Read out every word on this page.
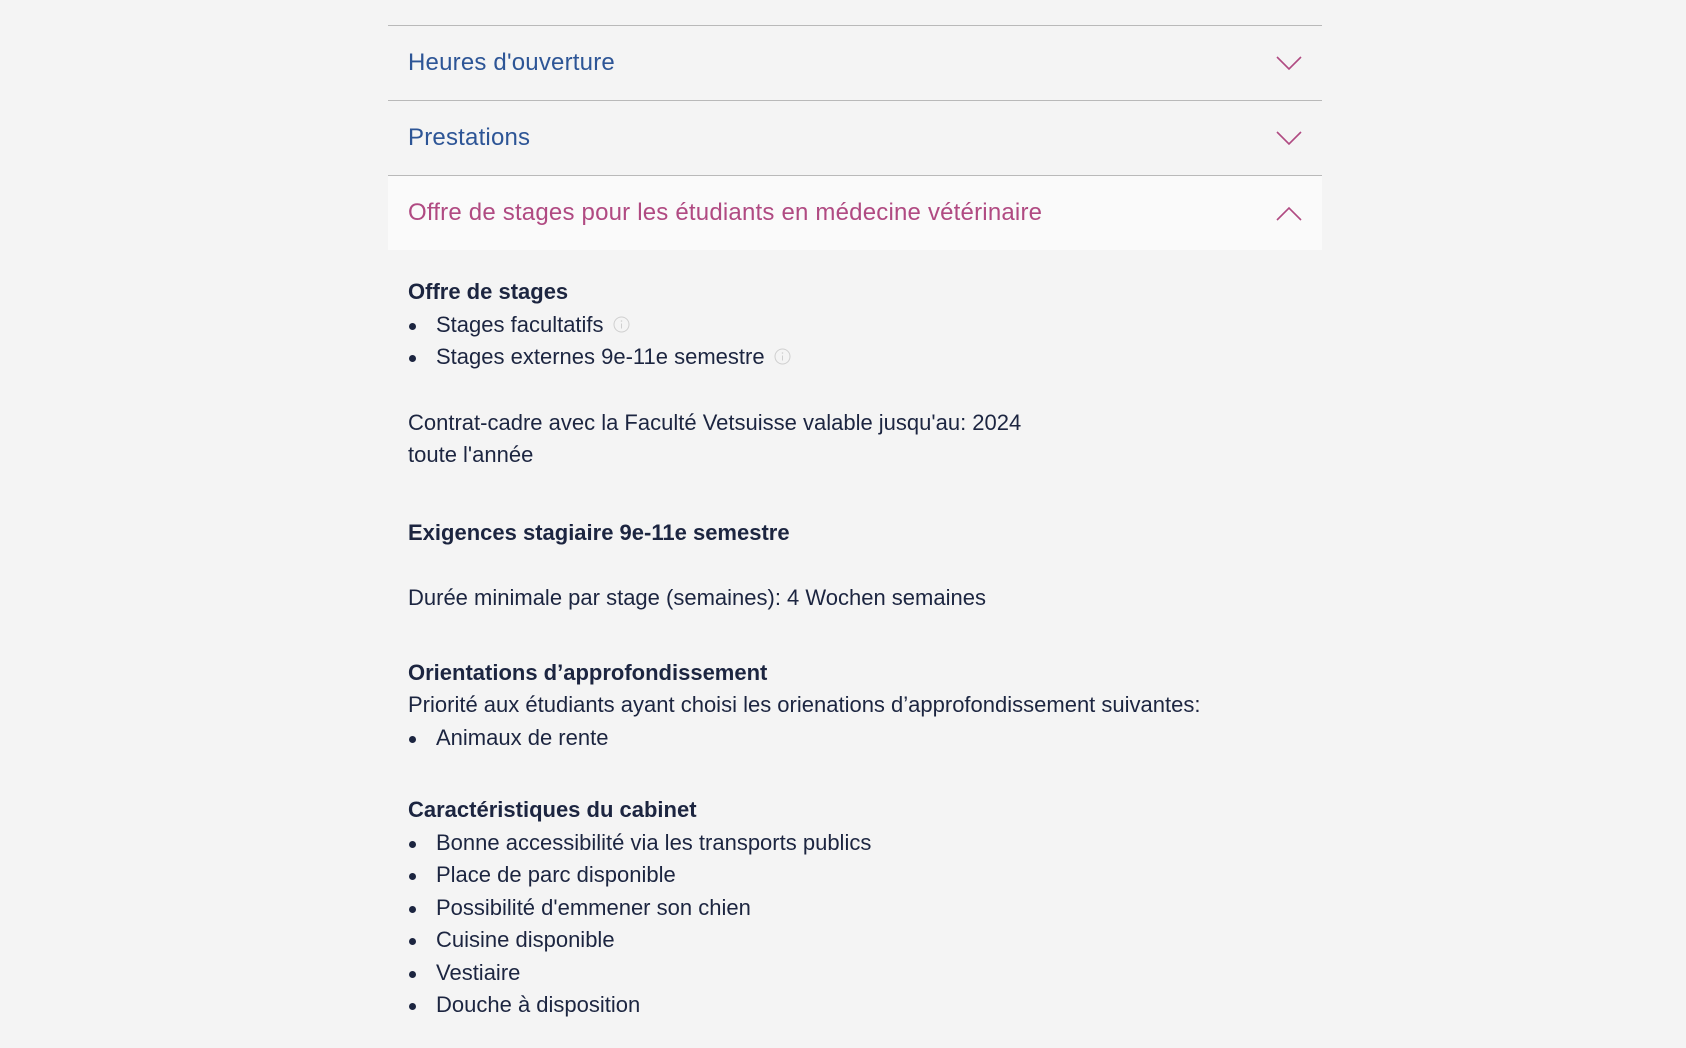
Heures d'ouverture
Prestations
Offre de stages pour les étudiants en médecine vétérinaire
Offre de stages
Stages facultatifs
Stages externes 9e-11e semestre
Contrat-cadre avec la Faculté Vetsuisse valable jusqu'au: 2024
toute l'année
Exigences stagiaire 9e-11e semestre
Durée minimale par stage (semaines): 4 Wochen semaines
Orientations d’approfondissement
Priorité aux étudiants ayant choisi les orienations d’approfondissement suivantes:
Animaux de rente
Caractéristiques du cabinet
Bonne accessibilité via les transports publics
Place de parc disponible
Possibilité d'emmener son chien
Cuisine disponible
Vestiaire
Douche à disposition
